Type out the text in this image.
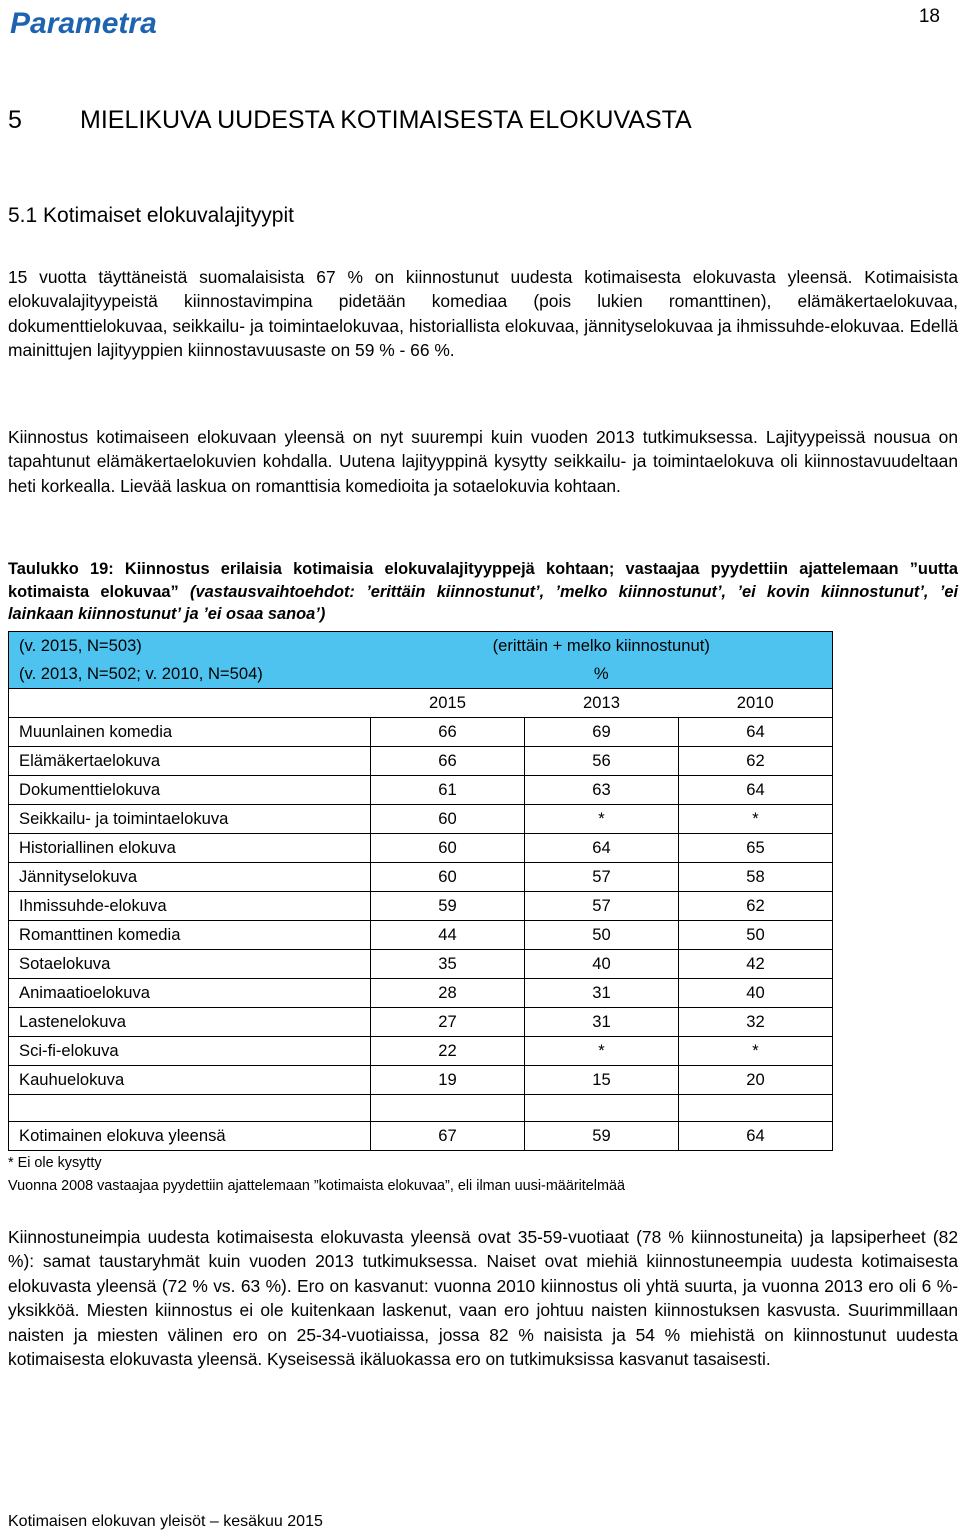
Parametra	18
5 MIELIKUVA UUDESTA KOTIMAISESTA ELOKUVASTA
5.1 Kotimaiset elokuvalajityypit

15 vuotta täyttäneistä suomalaisista 67 % on kiinnostunut uudesta kotimaisesta elokuvasta yleensä. Kotimaisista elokuvalajityypeistä kiinnostavimpina pidetään komediaa (pois lukien romanttinen), elämäkertaelokuvaa, dokumenttielokuvaa, seikkailu- ja toimintaelokuvaa, historiallista elokuvaa, jännityselokuvaa ja ihmissuhde-elokuvaa. Edellä mainittujen lajityyppien kiinnostavuusaste on 59 % - 66 %.

Kiinnostus kotimaiseen elokuvaan yleensä on nyt suurempi kuin vuoden 2013 tutkimuksessa. Lajityypeissä nousua on tapahtunut elämäkertaelokuvien kohdalla. Uutena lajityyppinä kysytty seikkailu- ja toimintaelokuva oli kiinnostavuudeltaan heti korkealla. Lievää laskua on romanttisia komedioita ja sotaelokuvia kohtaan.

Taulukko 19: Kiinnostus erilaisia kotimaisia elokuvalajityyppejä kohtaan; vastaajaa pyydettiin ajattelemaan ”uutta kotimaista elokuvaa” (vastausvaihtoehdot: ’erittäin kiinnostunut’, ’melko kiinnostunut’, ’ei kovin kiinnostunut’, ’ei lainkaan kiinnostunut’ ja ’ei osaa sanoa’)
(v. 2015, N=503)	(erittäin + melko kiinnostunut)		
(v. 2013, N=502; v. 2010, N=504)	%		
	2015	2013	2010
Muunlainen komedia	66	69	64
Elämäkertaelokuva	66	56	62
Dokumenttielokuva	61	63	64
Seikkailu- ja toimintaelokuva	60	*	*
Historiallinen elokuva	60	64	65
Jännityselokuva	60	57	58
Ihmissuhde-elokuva	59	57	62
Romanttinen komedia	44	50	50
Sotaelokuva	35	40	42
Animaatioelokuva	28	31	40
Lastenelokuva	27	31	32
Sci-fi-elokuva	22	*	*
Kauhuelokuva	19	15	20

Kotimainen elokuva yleensä	67	59	64
* Ei ole kysytty
Vuonna 2008 vastaajaa pyydettiin ajattelemaan ”kotimaista elokuvaa”, eli ilman uusi-määritelmää

Kiinnostuneimpia uudesta kotimaisesta elokuvasta yleensä ovat 35-59-vuotiaat (78 % kiinnostuneita) ja lapsiperheet (82 %): samat taustaryhmät kuin vuoden 2013 tutkimuksessa. Naiset ovat miehiä kiinnostuneempia uudesta kotimaisesta elokuvasta yleensä (72 % vs. 63 %). Ero on kasvanut: vuonna 2010 kiinnostus oli yhtä suurta, ja vuonna 2013 ero oli 6 %-yksikköä. Miesten kiinnostus ei ole kuitenkaan laskenut, vaan ero johtuu naisten kiinnostuksen kasvusta. Suurimmillaan naisten ja miesten välinen ero on 25-34-vuotiaissa, jossa 82 % naisista ja 54 % miehistä on kiinnostunut uudesta kotimaisesta elokuvasta yleensä. Kyseisessä ikäluokassa ero on tutkimuksissa kasvanut tasaisesti.

Kotimaisen elokuvan yleisöt – kesäkuu 2015
